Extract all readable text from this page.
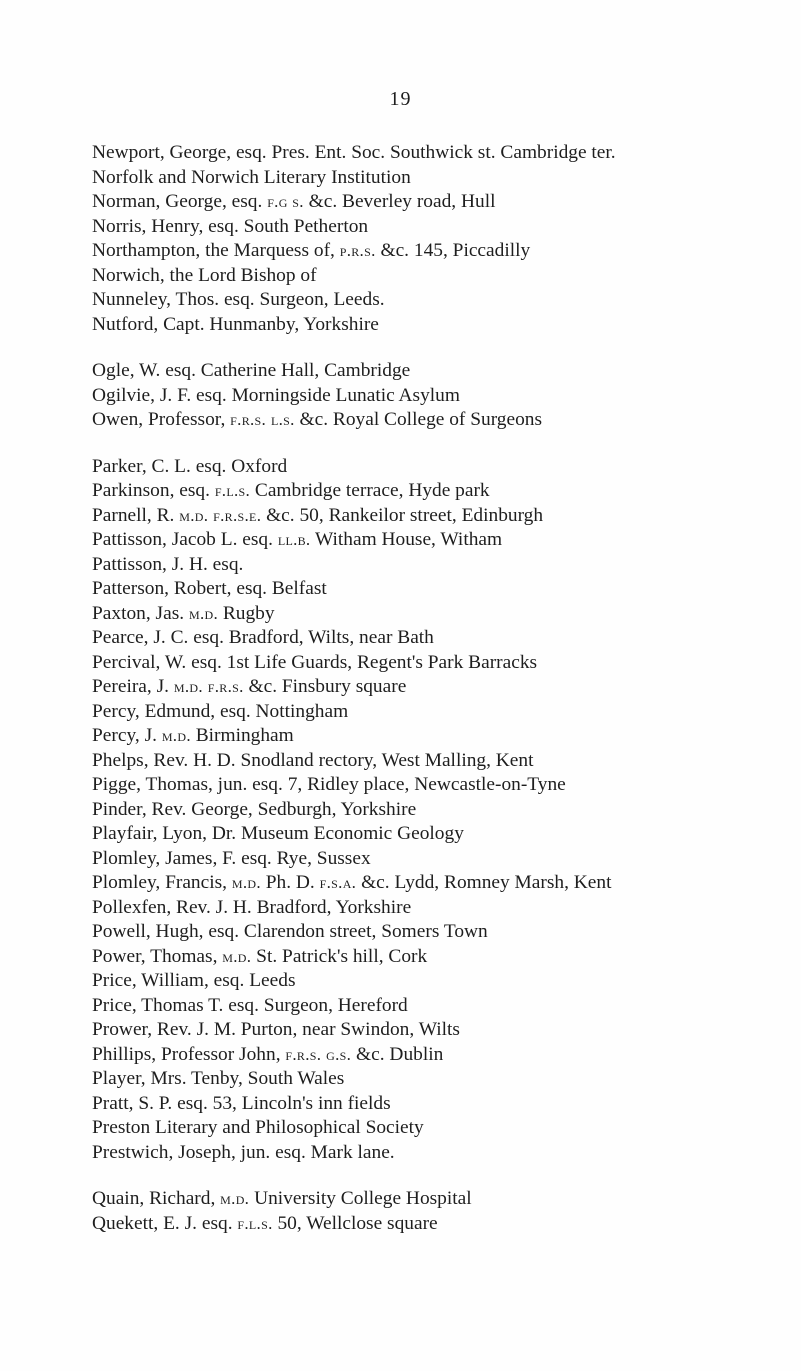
19
Newport, George, esq. Pres. Ent. Soc. Southwick st. Cambridge ter.
Norfolk and Norwich Literary Institution
Norman, George, esq. f.g s. &c. Beverley road, Hull
Norris, Henry, esq. South Petherton
Northampton, the Marquess of, p.r.s. &c. 145, Piccadilly
Norwich, the Lord Bishop of
Nunneley, Thos. esq. Surgeon, Leeds.
Nutford, Capt. Hunmanby, Yorkshire
Ogle, W. esq. Catherine Hall, Cambridge
Ogilvie, J. F. esq. Morningside Lunatic Asylum
Owen, Professor, f.r.s. l.s. &c. Royal College of Surgeons
Parker, C. L. esq. Oxford
Parkinson, esq. f.l.s. Cambridge terrace, Hyde park
Parnell, R. m.d. f.r.s.e. &c. 50, Rankeilor street, Edinburgh
Pattisson, Jacob L. esq. ll.b. Witham House, Witham
Pattisson, J. H. esq.
Patterson, Robert, esq. Belfast
Paxton, Jas. m.d. Rugby
Pearce, J. C. esq. Bradford, Wilts, near Bath
Percival, W. esq. 1st Life Guards, Regent's Park Barracks
Pereira, J. m.d. f.r.s. &c. Finsbury square
Percy, Edmund, esq. Nottingham
Percy, J. m.d. Birmingham
Phelps, Rev. H. D. Snodland rectory, West Malling, Kent
Pigge, Thomas, jun. esq. 7, Ridley place, Newcastle-on-Tyne
Pinder, Rev. George, Sedburgh, Yorkshire
Playfair, Lyon, Dr. Museum Economic Geology
Plomley, James, F. esq. Rye, Sussex
Plomley, Francis, m.d. Ph. D. f.s.a. &c. Lydd, Romney Marsh, Kent
Pollexfen, Rev. J. H. Bradford, Yorkshire
Powell, Hugh, esq. Clarendon street, Somers Town
Power, Thomas, m.d. St. Patrick's hill, Cork
Price, William, esq. Leeds
Price, Thomas T. esq. Surgeon, Hereford
Prower, Rev. J. M. Purton, near Swindon, Wilts
Phillips, Professor John, f.r.s. g.s. &c. Dublin
Player, Mrs. Tenby, South Wales
Pratt, S. P. esq. 53, Lincoln's inn fields
Preston Literary and Philosophical Society
Prestwich, Joseph, jun. esq. Mark lane.
Quain, Richard, m.d. University College Hospital
Quekett, E. J. esq. f.l.s. 50, Wellclose square
